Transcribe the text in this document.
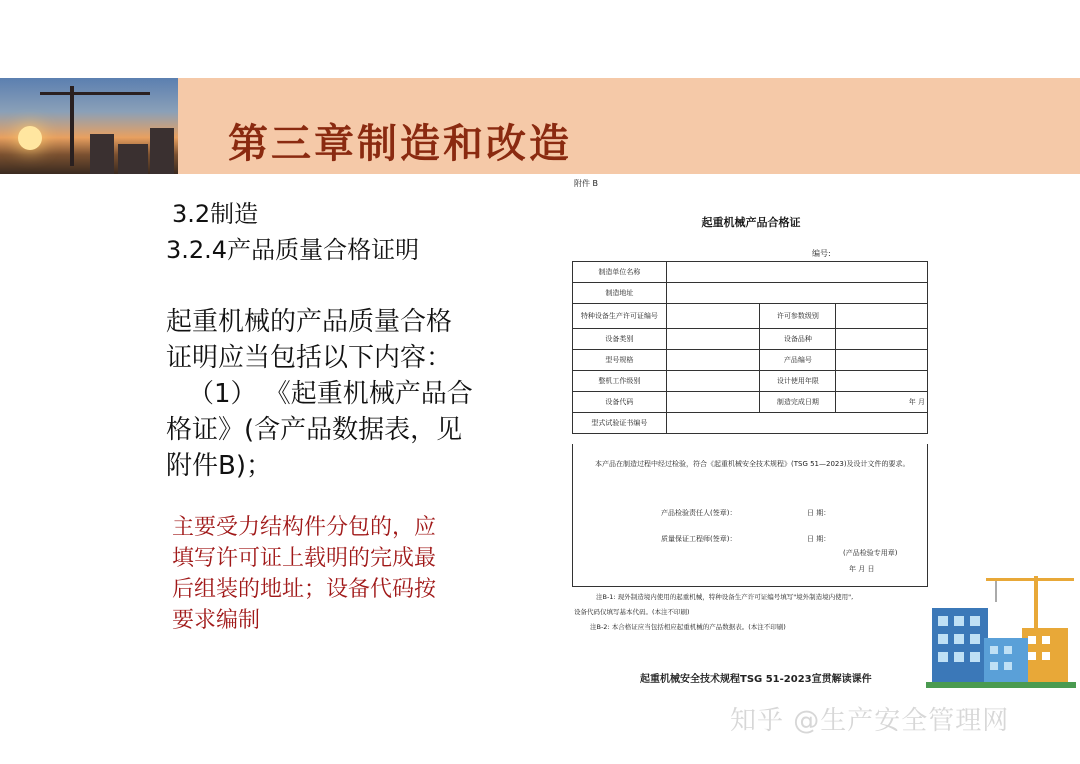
第三章制造和改造
3.2制造
3.2.4产品质量合格证明
起重机械的产品质量合格
证明应当包括以下内容：
（1） 《起重机械产品合
格证》(含产品数据表，见
附件B)；
主要受力结构件分包的，应
填写许可证上载明的完成最
后组装的地址；设备代码按
要求编制
附件 B
起重机械产品合格证
编号:
制造单位名称			
制造地址			
特种设备生产许可证编号		许可参数级别	
设备类别		设备品种	
型号规格		产品编号	
整机工作级别		设计使用年限	
设备代码		制造完成日期	年 月
型式试验证书编号			
本产品在制造过程中经过检验，符合《起重机械安全技术规程》(TSG 51—2023)及设计文件的要求。
产品检验责任人(签章)：	日 期：
质量保证工程师(签章)：	日 期：
(产品检验专用章)
年 月 日
注B-1: 现外制造境内使用的起重机械，特种设备生产许可证编号填写"境外制造境内使用",
设备代码仅填写基本代码。(本注不印刷)
注B-2: 本合格证应当包括相应起重机械的产品数据表。(本注不印刷)
起重机械安全技术规程TSG 51-2023宣贯解读课件
知乎 @生产安全管理网
